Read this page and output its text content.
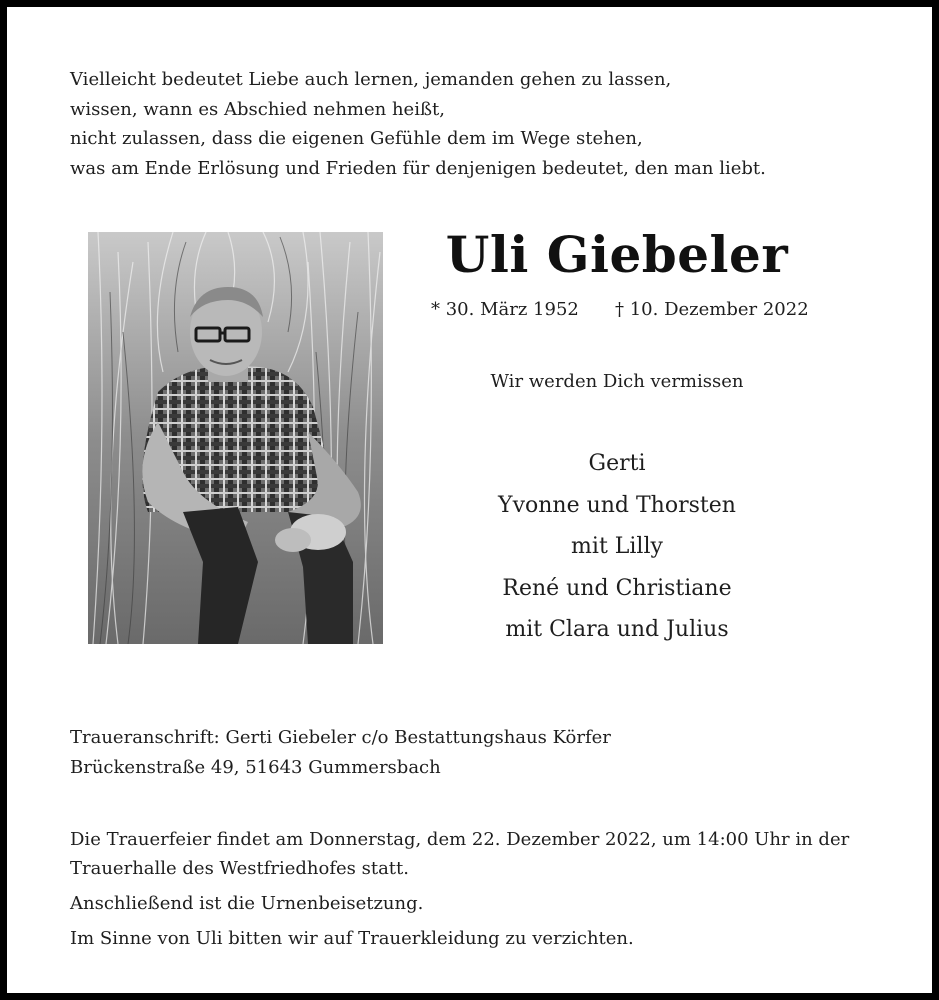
Vielleicht bedeutet Liebe auch lernen, jemanden gehen zu lassen,
wissen, wann es Abschied nehmen heißt,
nicht zulassen, dass die eigenen Gefühle dem im Wege stehen,
was am Ende Erlösung und Frieden für denjenigen bedeutet, den man liebt.
Uli Giebeler
* 30. März 1952 † 10. Dezember 2022
Wir werden Dich vermissen
Gerti
Yvonne und Thorsten
mit Lilly
René und Christiane
mit Clara und Julius
Traueranschrift: Gerti Giebeler c/o Bestattungshaus Körfer
Brückenstraße 49, 51643 Gummersbach

Die Trauerfeier findet am Donnerstag, dem 22. Dezember 2022, um 14:00 Uhr in der

Trauerhalle des Westfriedhofes statt.

Anschließend ist die Urnenbeisetzung.

Im Sinne von Uli bitten wir auf Trauerkleidung zu verzichten.
